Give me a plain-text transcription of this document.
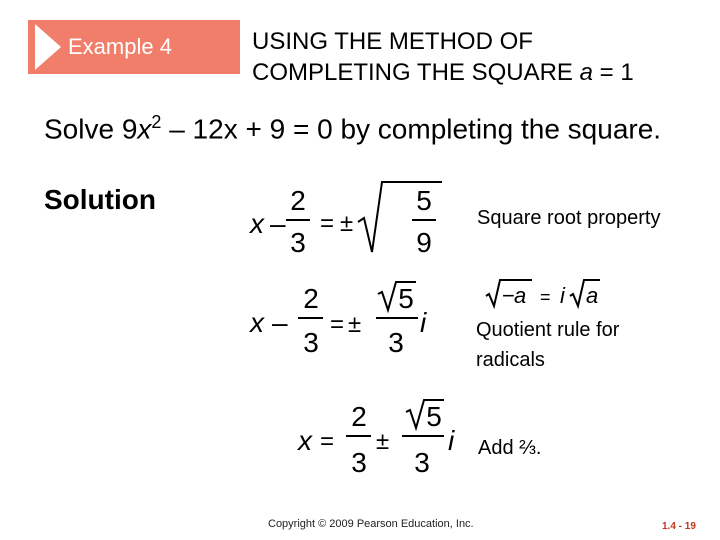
Example 4	USING THE METHOD OF
COMPLETING THE SQUARE a = 1
Solve $9x^2 - 12x + 9 = 0$ by completing the square.
Solution
x –
2
3
= ±
5
9
Square root property
x –
2
3
= ±
5
3
i
− a = i a
Quotient rule for radicals
x =
2
3
±
5
3
i Add ⅔.
Copyright © 2009 Pearson Education, Inc.	1.4 - 19
